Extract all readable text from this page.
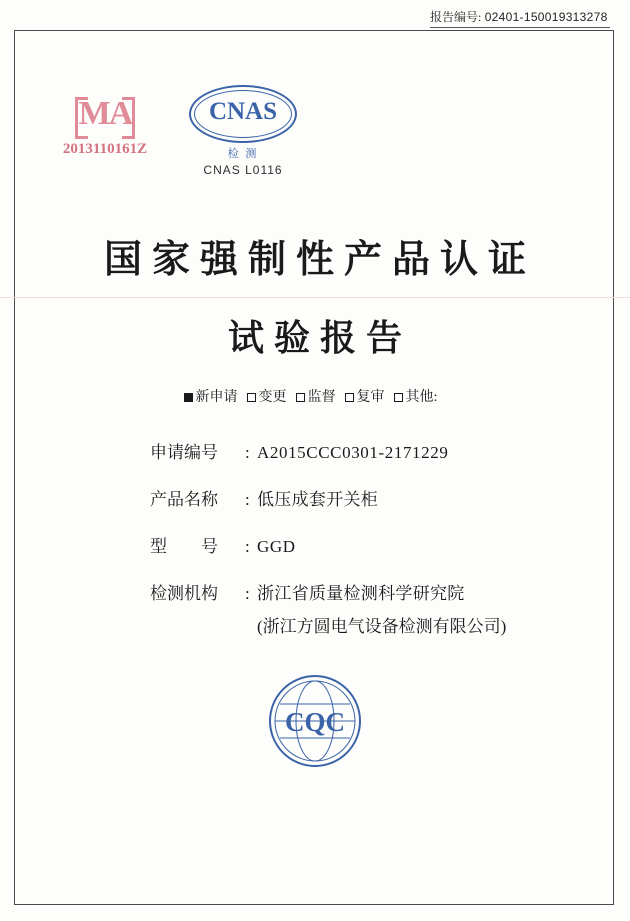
报告编号: 02401-150019313278
MA
2013110161Z
CNAS
检 测
CNAS L0116
国家强制性产品认证
试验报告
新申请 变更 监督 复审 其他:
申请编号	: A2015CCC0301-2171229
产品名称	: 低压成套开关柜
型　　号	: GGD
检测机构	: 浙江省质量检测科学研究院
(浙江方圆电气设备检测有限公司)
CQC
